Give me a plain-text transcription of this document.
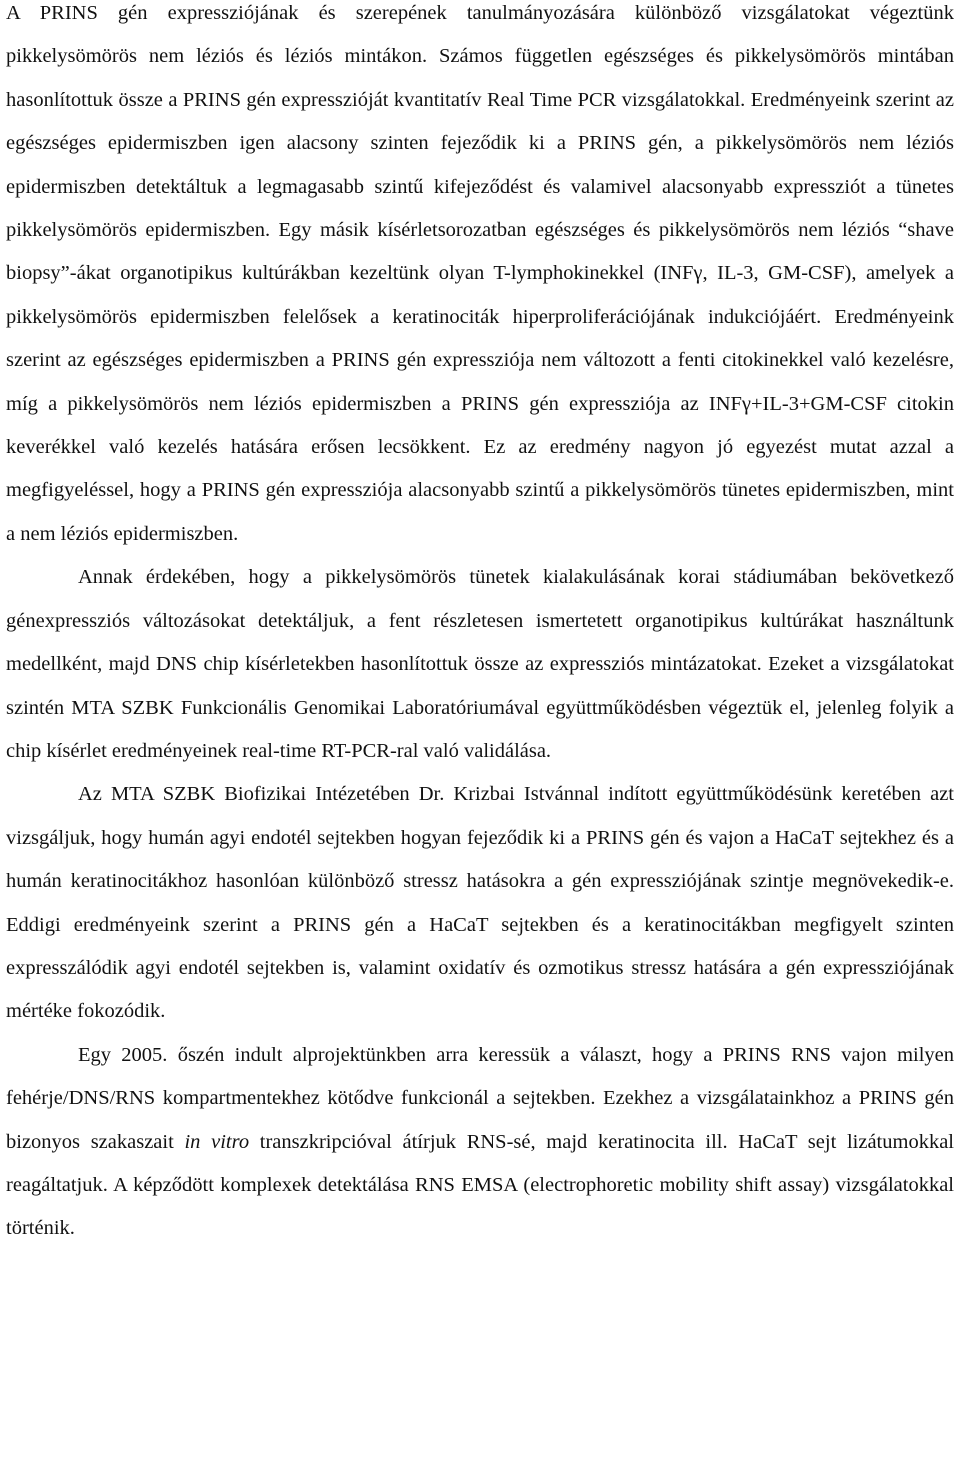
A PRINS gén expressziójának és szerepének tanulmányozására különböző vizsgálatokat végeztünk pikkelysömörös nem léziós és léziós mintákon. Számos független egészséges és pikkelysömörös mintában hasonlítottuk össze a PRINS gén expresszióját kvantitatív Real Time PCR vizsgálatokkal. Eredményeink szerint az egészséges epidermiszben igen alacsony szinten fejeződik ki a PRINS gén, a pikkelysömörös nem léziós epidermiszben detektáltuk a legmagasabb szintű kifejeződést és valamivel alacsonyabb expressziót a tünetes pikkelysömörös epidermiszben. Egy másik kísérletsorozatban egészséges és pikkelysömörös nem léziós “shave biopsy”-ákat organotipikus kultúrákban kezeltünk olyan T-lymphokinekkel (INFγ, IL-3, GM-CSF), amelyek a pikkelysömörös epidermiszben felelősek a keratinociták hiperproliferációjának indukciójáért. Eredményeink szerint az egészséges epidermiszben a PRINS gén expressziója nem változott a fenti citokinekkel való kezelésre, míg a pikkelysömörös nem léziós epidermiszben a PRINS gén expressziója az INFγ+IL-3+GM-CSF citokin keverékkel való kezelés hatására erősen lecsökkent. Ez az eredmény nagyon jó egyezést mutat azzal a megfigyeléssel, hogy a PRINS gén expressziója alacsonyabb szintű a pikkelysömörös tünetes epidermiszben, mint a nem léziós epidermiszben.

Annak érdekében, hogy a pikkelysömörös tünetek kialakulásának korai stádiumában bekövetkező génexpressziós változásokat detektáljuk, a fent részletesen ismertetett organotipikus kultúrákat használtunk medellként, majd DNS chip kísérletekben hasonlítottuk össze az expressziós mintázatokat. Ezeket a vizsgálatokat szintén MTA SZBK Funkcionális Genomikai Laboratóriumával együttműködésben végeztük el, jelenleg folyik a chip kísérlet eredményeinek real-time RT-PCR-ral való validálása.

Az MTA SZBK Biofizikai Intézetében Dr. Krizbai Istvánnal indított együttműködésünk keretében azt vizsgáljuk, hogy humán agyi endotél sejtekben hogyan fejeződik ki a PRINS gén és vajon a HaCaT sejtekhez és a humán keratinocitákhoz hasonlóan különböző stressz hatásokra a gén expressziójának szintje megnövekedik-e. Eddigi eredményeink szerint a PRINS gén a HaCaT sejtekben és a keratinocitákban megfigyelt szinten expresszálódik agyi endotél sejtekben is, valamint oxidatív és ozmotikus stressz hatására a gén expressziójának mértéke fokozódik.

Egy 2005. őszén indult alprojektünkben arra keressük a választ, hogy a PRINS RNS vajon milyen fehérje/DNS/RNS kompartmentekhez kötődve funkcionál a sejtekben. Ezekhez a vizsgálatainkhoz a PRINS gén bizonyos szakaszait in vitro transzkripcióval átírjuk RNS-sé, majd keratinocita ill. HaCaT sejt lizátumokkal reagáltatjuk. A képződött komplexek detektálása RNS EMSA (electrophoretic mobility shift assay) vizsgálatokkal történik.
